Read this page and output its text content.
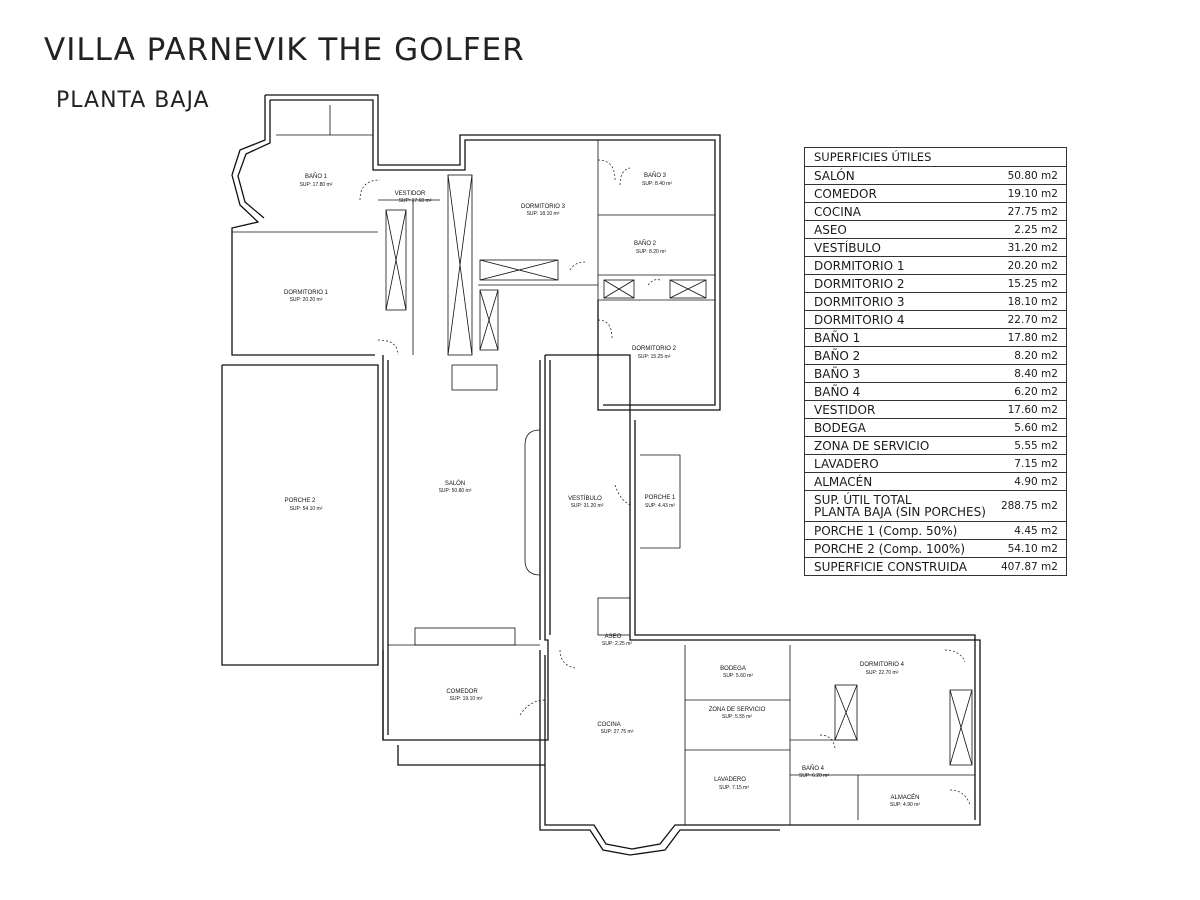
VILLA PARNEVIK THE GOLFER
PLANTA BAJA
BAÑO 1
SUP: 17.80 m²
VESTIDOR
SUP: 17.60 m²
DORMITORIO 1
SUP: 20.20 m²
DORMITORIO 3
SUP: 18.10 m²
BAÑO 3
SUP: 8.40 m²
BAÑO 2
SUP: 8.20 m²
DORMITORIO 2
SUP: 15.25 m²
PORCHE 2
SUP: 54.10 m²
SALÓN
SUP: 50.80 m²
VESTÍBULO
SUP: 31.20 m²
PORCHE 1
SUP: 4.43 m²
ASEO
SUP: 2.25 m²
COMEDOR
SUP: 19.10 m²
COCINA
SUP: 27.75 m²
BODEGA
SUP: 5.60 m²
ZONA DE SERVICIO
SUP: 5.55 m²
DORMITORIO 4
SUP: 22.70 m²
LAVADERO
SUP: 7.15 m²
BAÑO 4
SUP: 6.20 m²
ALMACÉN
SUP: 4.90 m²
SUPERFICIES ÚTILES	
SALÓN	50.80 m2
COMEDOR	19.10 m2
COCINA	27.75 m2
ASEO	2.25 m2
VESTÍBULO	31.20 m2
DORMITORIO 1	20.20 m2
DORMITORIO 2	15.25 m2
DORMITORIO 3	18.10 m2
DORMITORIO 4	22.70 m2
BAÑO 1	17.80 m2
BAÑO 2	8.20 m2
BAÑO 3	8.40 m2
BAÑO 4	6.20 m2
VESTIDOR	17.60 m2
BODEGA	5.60 m2
ZONA DE SERVICIO	5.55 m2
LAVADERO	7.15 m2
ALMACÉN	4.90 m2
SUP. ÚTIL TOTAL
PLANTA BAJA (SIN PORCHES)	288.75 m2
PORCHE 1 (Comp. 50%)	4.45 m2
PORCHE 2 (Comp. 100%)	54.10 m2
SUPERFICIE CONSTRUIDA	407.87 m2
